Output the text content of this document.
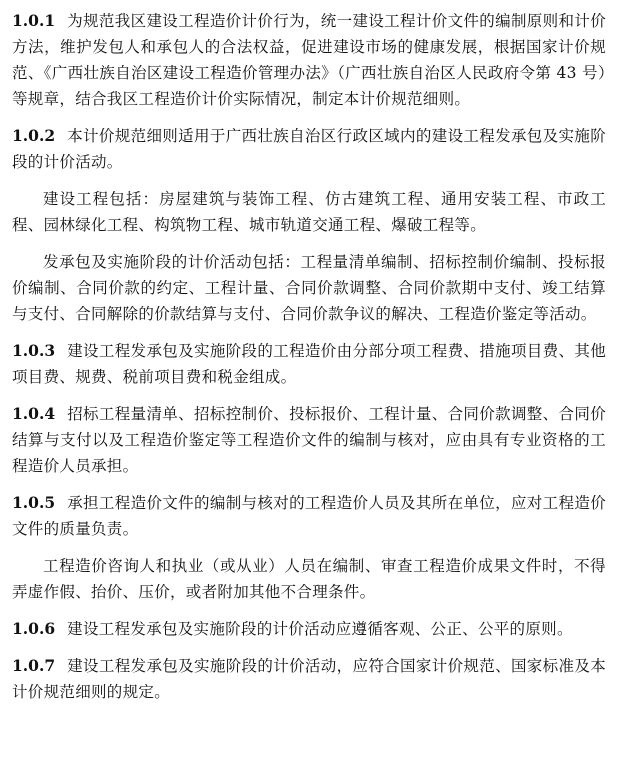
1.0.1 为规范我区建设工程造价计价行为，统一建设工程计价文件的编制原则和计价方法，维护发包人和承包人的合法权益，促进建设市场的健康发展，根据国家计价规范、《广西壮族自治区建设工程造价管理办法》（广西壮族自治区人民政府令第 43 号）等规章，结合我区工程造价计价实际情况，制定本计价规范细则。

1.0.2 本计价规范细则适用于广西壮族自治区行政区域内的建设工程发承包及实施阶段的计价活动。

建设工程包括：房屋建筑与装饰工程、仿古建筑工程、通用安装工程、市政工程、园林绿化工程、构筑物工程、城市轨道交通工程、爆破工程等。

发承包及实施阶段的计价活动包括：工程量清单编制、招标控制价编制、投标报价编制、合同价款的约定、工程计量、合同价款调整、合同价款期中支付、竣工结算与支付、合同解除的价款结算与支付、合同价款争议的解决、工程造价鉴定等活动。

1.0.3 建设工程发承包及实施阶段的工程造价由分部分项工程费、措施项目费、其他项目费、规费、税前项目费和税金组成。

1.0.4 招标工程量清单、招标控制价、投标报价、工程计量、合同价款调整、合同价结算与支付以及工程造价鉴定等工程造价文件的编制与核对，应由具有专业资格的工程造价人员承担。

1.0.5 承担工程造价文件的编制与核对的工程造价人员及其所在单位，应对工程造价文件的质量负责。

工程造价咨询人和执业（或从业）人员在编制、审查工程造价成果文件时，不得弄虚作假、抬价、压价，或者附加其他不合理条件。

1.0.6 建设工程发承包及实施阶段的计价活动应遵循客观、公正、公平的原则。

1.0.7 建设工程发承包及实施阶段的计价活动，应符合国家计价规范、国家标准及本计价规范细则的规定。
